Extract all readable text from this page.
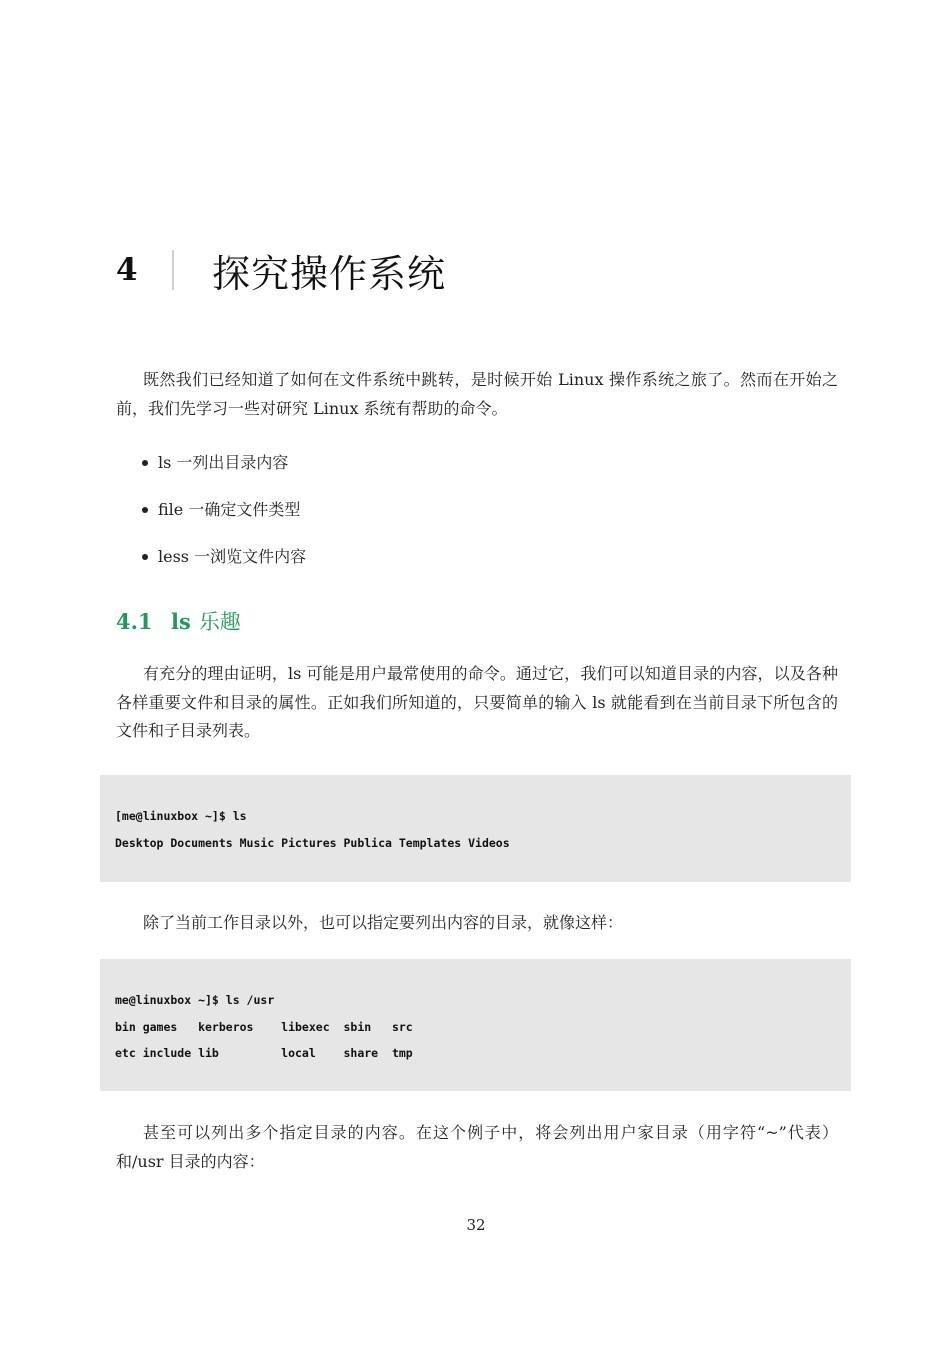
4	探究操作系统

既然我们已经知道了如何在文件系统中跳转，是时候开始 Linux 操作系统之旅了。然而在开始之前，我们先学习一些对研究 Linux 系统有帮助的命令。

ls 一列出目录内容
file 一确定文件类型
less 一浏览文件内容
4.1 ls 乐趣

有充分的理由证明，ls 可能是用户最常使用的命令。通过它，我们可以知道目录的内容，以及各种各样重要文件和目录的属性。正如我们所知道的，只要简单的输入 ls 就能看到在当前目录下所包含的文件和子目录列表。

[me@linuxbox ~]$ ls
Desktop Documents Music Pictures Publica Templates Videos

除了当前工作目录以外，也可以指定要列出内容的目录，就像这样：

me@linuxbox ~]$ ls /usr
bin games   kerberos    libexec  sbin   src
etc include lib         local    share  tmp

甚至可以列出多个指定目录的内容。在这个例子中，将会列出用户家目录（用字符“~”代表）和/usr 目录的内容：

32
